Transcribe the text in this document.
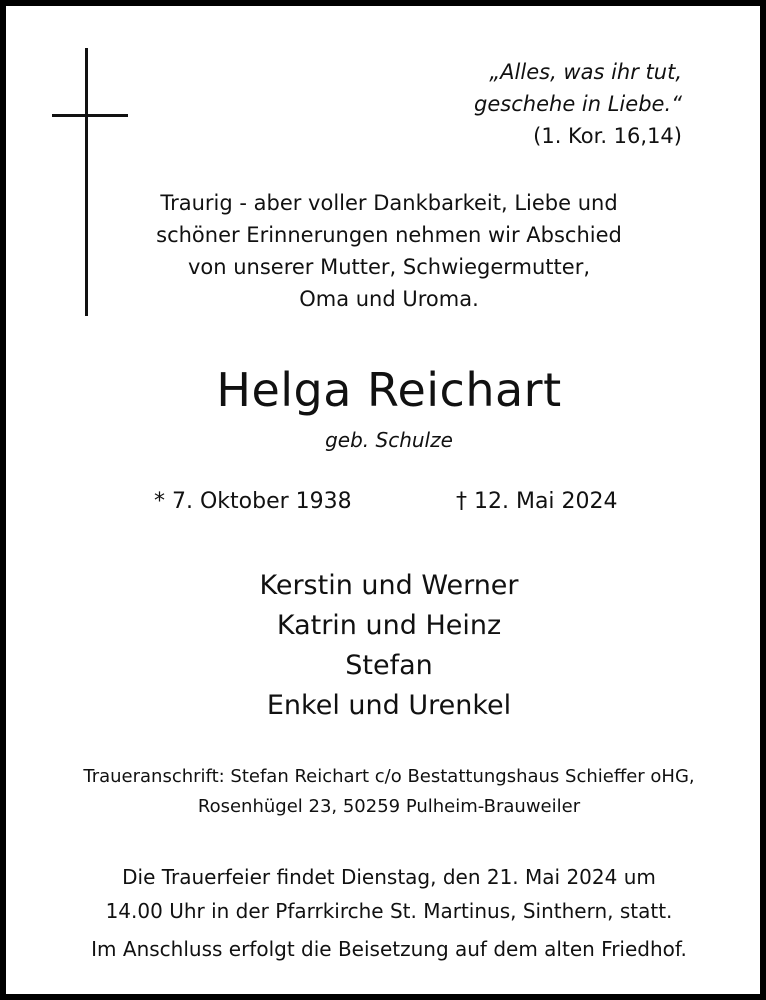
„Alles, was ihr tut,
geschehe in Liebe.“
(1. Kor. 16,14)
Traurig - aber voller Dankbarkeit, Liebe und
schöner Erinnerungen nehmen wir Abschied
von unserer Mutter, Schwiegermutter,
Oma und Uroma.
Helga Reichart
geb. Schulze
* 7. Oktober 1938	† 12. Mai 2024
Kerstin und Werner
Katrin und Heinz
Stefan
Enkel und Urenkel
Traueranschrift: Stefan Reichart c/o Bestattungshaus Schieffer oHG,
Rosenhügel 23, 50259 Pulheim-Brauweiler
Die Trauerfeier findet Dienstag, den 21. Mai 2024 um
14.00 Uhr in der Pfarrkirche St. Martinus, Sinthern, statt.
Im Anschluss erfolgt die Beisetzung auf dem alten Friedhof.
